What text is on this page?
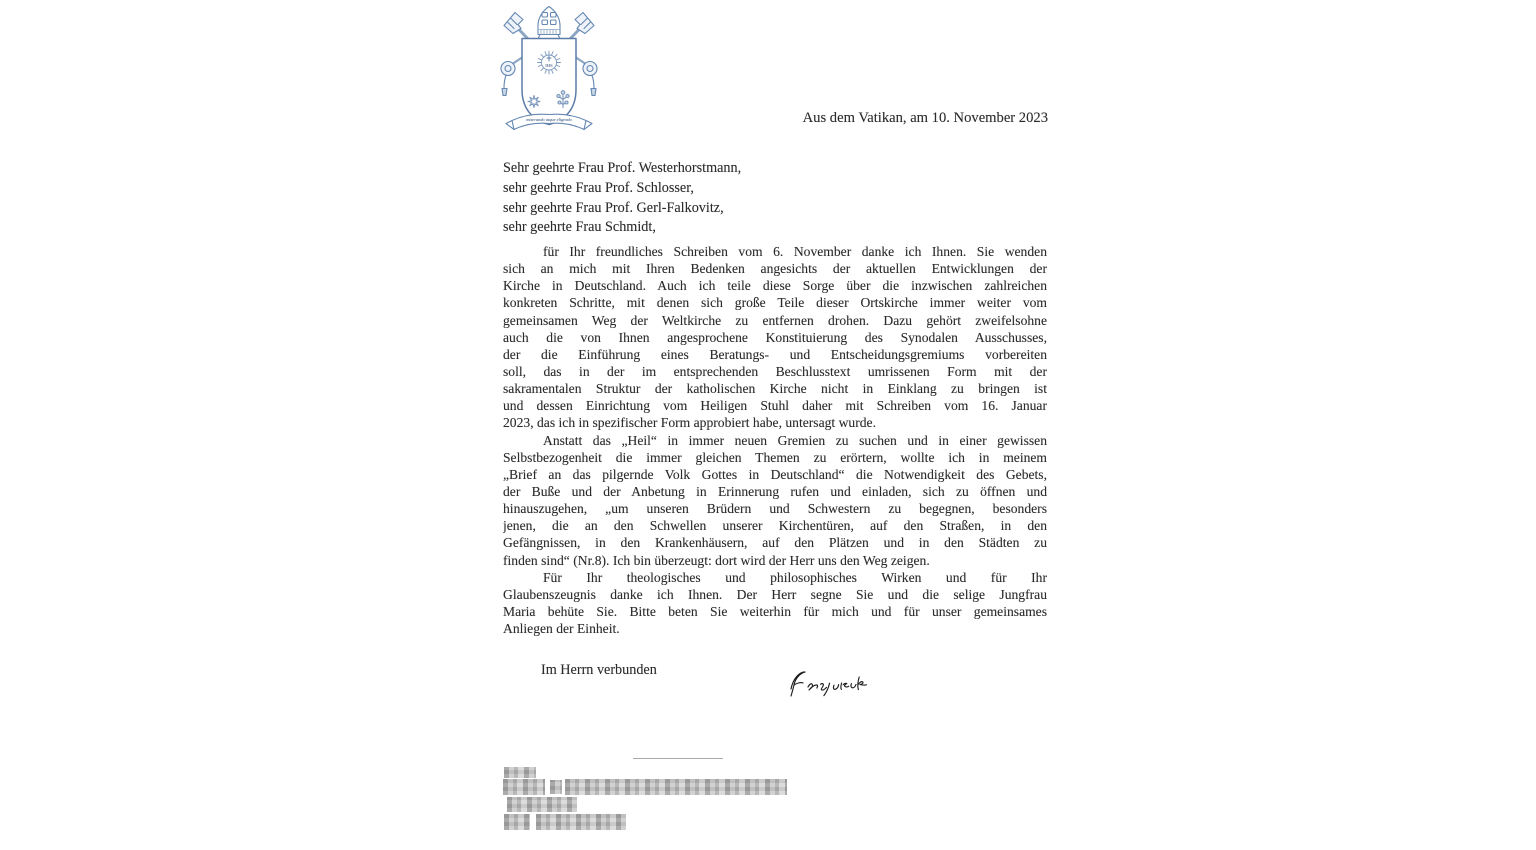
IHS
miserando atque eligendo	Aus dem Vatikan, am 10. November 2023
Sehr geehrte Frau Prof. Westerhorstmann,
sehr geehrte Frau Prof. Schlosser,
sehr geehrte Frau Prof. Gerl-Falkovitz,
sehr geehrte Frau Schmidt,
für Ihr freundliches Schreiben vom 6. November danke ich Ihnen. Sie wenden
sich an mich mit Ihren Bedenken angesichts der aktuellen Entwicklungen der
Kirche in Deutschland. Auch ich teile diese Sorge über die inzwischen zahlreichen
konkreten Schritte, mit denen sich große Teile dieser Ortskirche immer weiter vom
gemeinsamen Weg der Weltkirche zu entfernen drohen. Dazu gehört zweifelsohne
auch die von Ihnen angesprochene Konstituierung des Synodalen Ausschusses,
der die Einführung eines Beratungs- und Entscheidungsgremiums vorbereiten
soll, das in der im entsprechenden Beschlusstext umrissenen Form mit der
sakramentalen Struktur der katholischen Kirche nicht in Einklang zu bringen ist
und dessen Einrichtung vom Heiligen Stuhl daher mit Schreiben vom 16. Januar
2023, das ich in spezifischer Form approbiert habe, untersagt wurde.
Anstatt das „Heil“ in immer neuen Gremien zu suchen und in einer gewissen
Selbstbezogenheit die immer gleichen Themen zu erörtern, wollte ich in meinem
„Brief an das pilgernde Volk Gottes in Deutschland“ die Notwendigkeit des Gebets,
der Buße und der Anbetung in Erinnerung rufen und einladen, sich zu öffnen und
hinauszugehen, „um unseren Brüdern und Schwestern zu begegnen, besonders
jenen, die an den Schwellen unserer Kirchentüren, auf den Straßen, in den
Gefängnissen, in den Krankenhäusern, auf den Plätzen und in den Städten zu
finden sind“ (Nr.8). Ich bin überzeugt: dort wird der Herr uns den Weg zeigen.
Für Ihr theologisches und philosophisches Wirken und für Ihr
Glaubenszeugnis danke ich Ihnen. Der Herr segne Sie und die selige Jungfrau
Maria behüte Sie. Bitte beten Sie weiterhin für mich und für unser gemeinsames
Anliegen der Einheit.
Im Herrn verbunden
